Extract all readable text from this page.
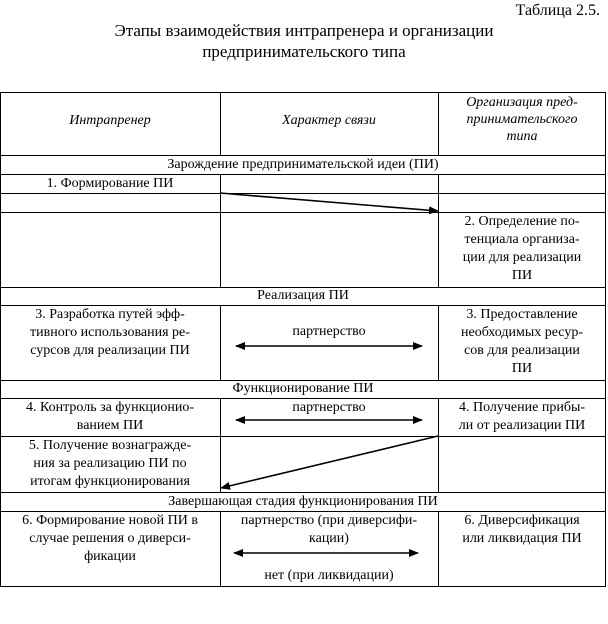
Таблица 2.5.
Этапы взаимодействия интрапренера и организации
предпринимательского типа
Интрапренер	Характер связи
Организация пред-
принимательского
типа
Зарождение предпринимательской идеи (ПИ)
Реализация ПИ
Функционирование ПИ
Завершающая стадия функционирования ПИ
1. Формирование ПИ
2. Определение по-
тенциала организа-
ции для реализации
ПИ
3. Разработка путей эфф-
тивного использования ре-
сурсов для реализации ПИ
партнерство
3. Предоставление
необходимых ресур-
сов для реализации
ПИ
4. Контроль за функционио-
ванием ПИ
партнерство	4. Получение прибы-
ли от реализации ПИ
5. Получение вознагражде-
ния за реализацию ПИ по
итогам функционирования
6. Формирование новой ПИ в
случае решения о диверси-
фикации
партнерство (при диверсифи-
кации)
нет (при ликвидации)
6. Диверсификация
или ликвидация ПИ
